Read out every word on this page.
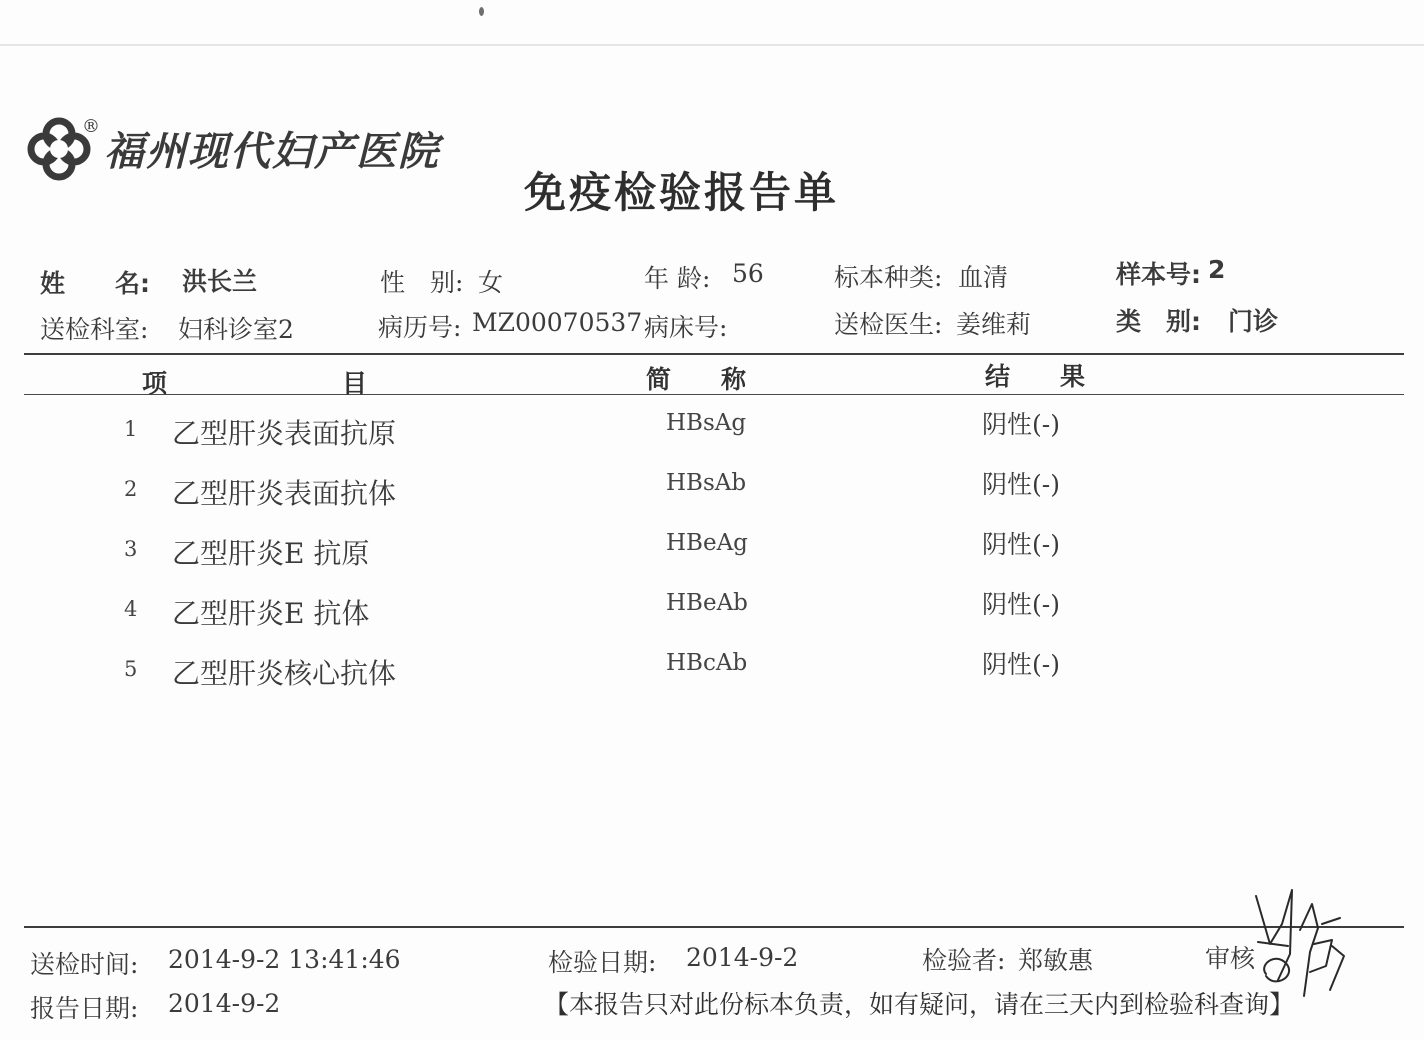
®
福州现代妇产医院
免疫检验报告单
姓　　名: 洪长兰	性　别: 女	年 龄: 56	标本种类: 血清	样本号: 2
送检科室: 妇科诊室2	病历号: MZ00070537 病床号:	送检医生: 姜维莉	类　别: 门诊
项　　　　　　　目	简　　称	结　　果
1 乙型肝炎表面抗原	HBsAg	阴性(-)
2 乙型肝炎表面抗体	HBsAb	阴性(-)
3 乙型肝炎E 抗原	HBeAg	阴性(-)
4 乙型肝炎E 抗体	HBeAb	阴性(-)
5 乙型肝炎核心抗体	HBcAb	阴性(-)
送检时间: 2014-9-2 13:41:46	检验日期: 2014-9-2	检验者: 郑敏惠	审核
报告日期: 2014-9-2	【本报告只对此份标本负责，如有疑问，请在三天内到检验科查询】
